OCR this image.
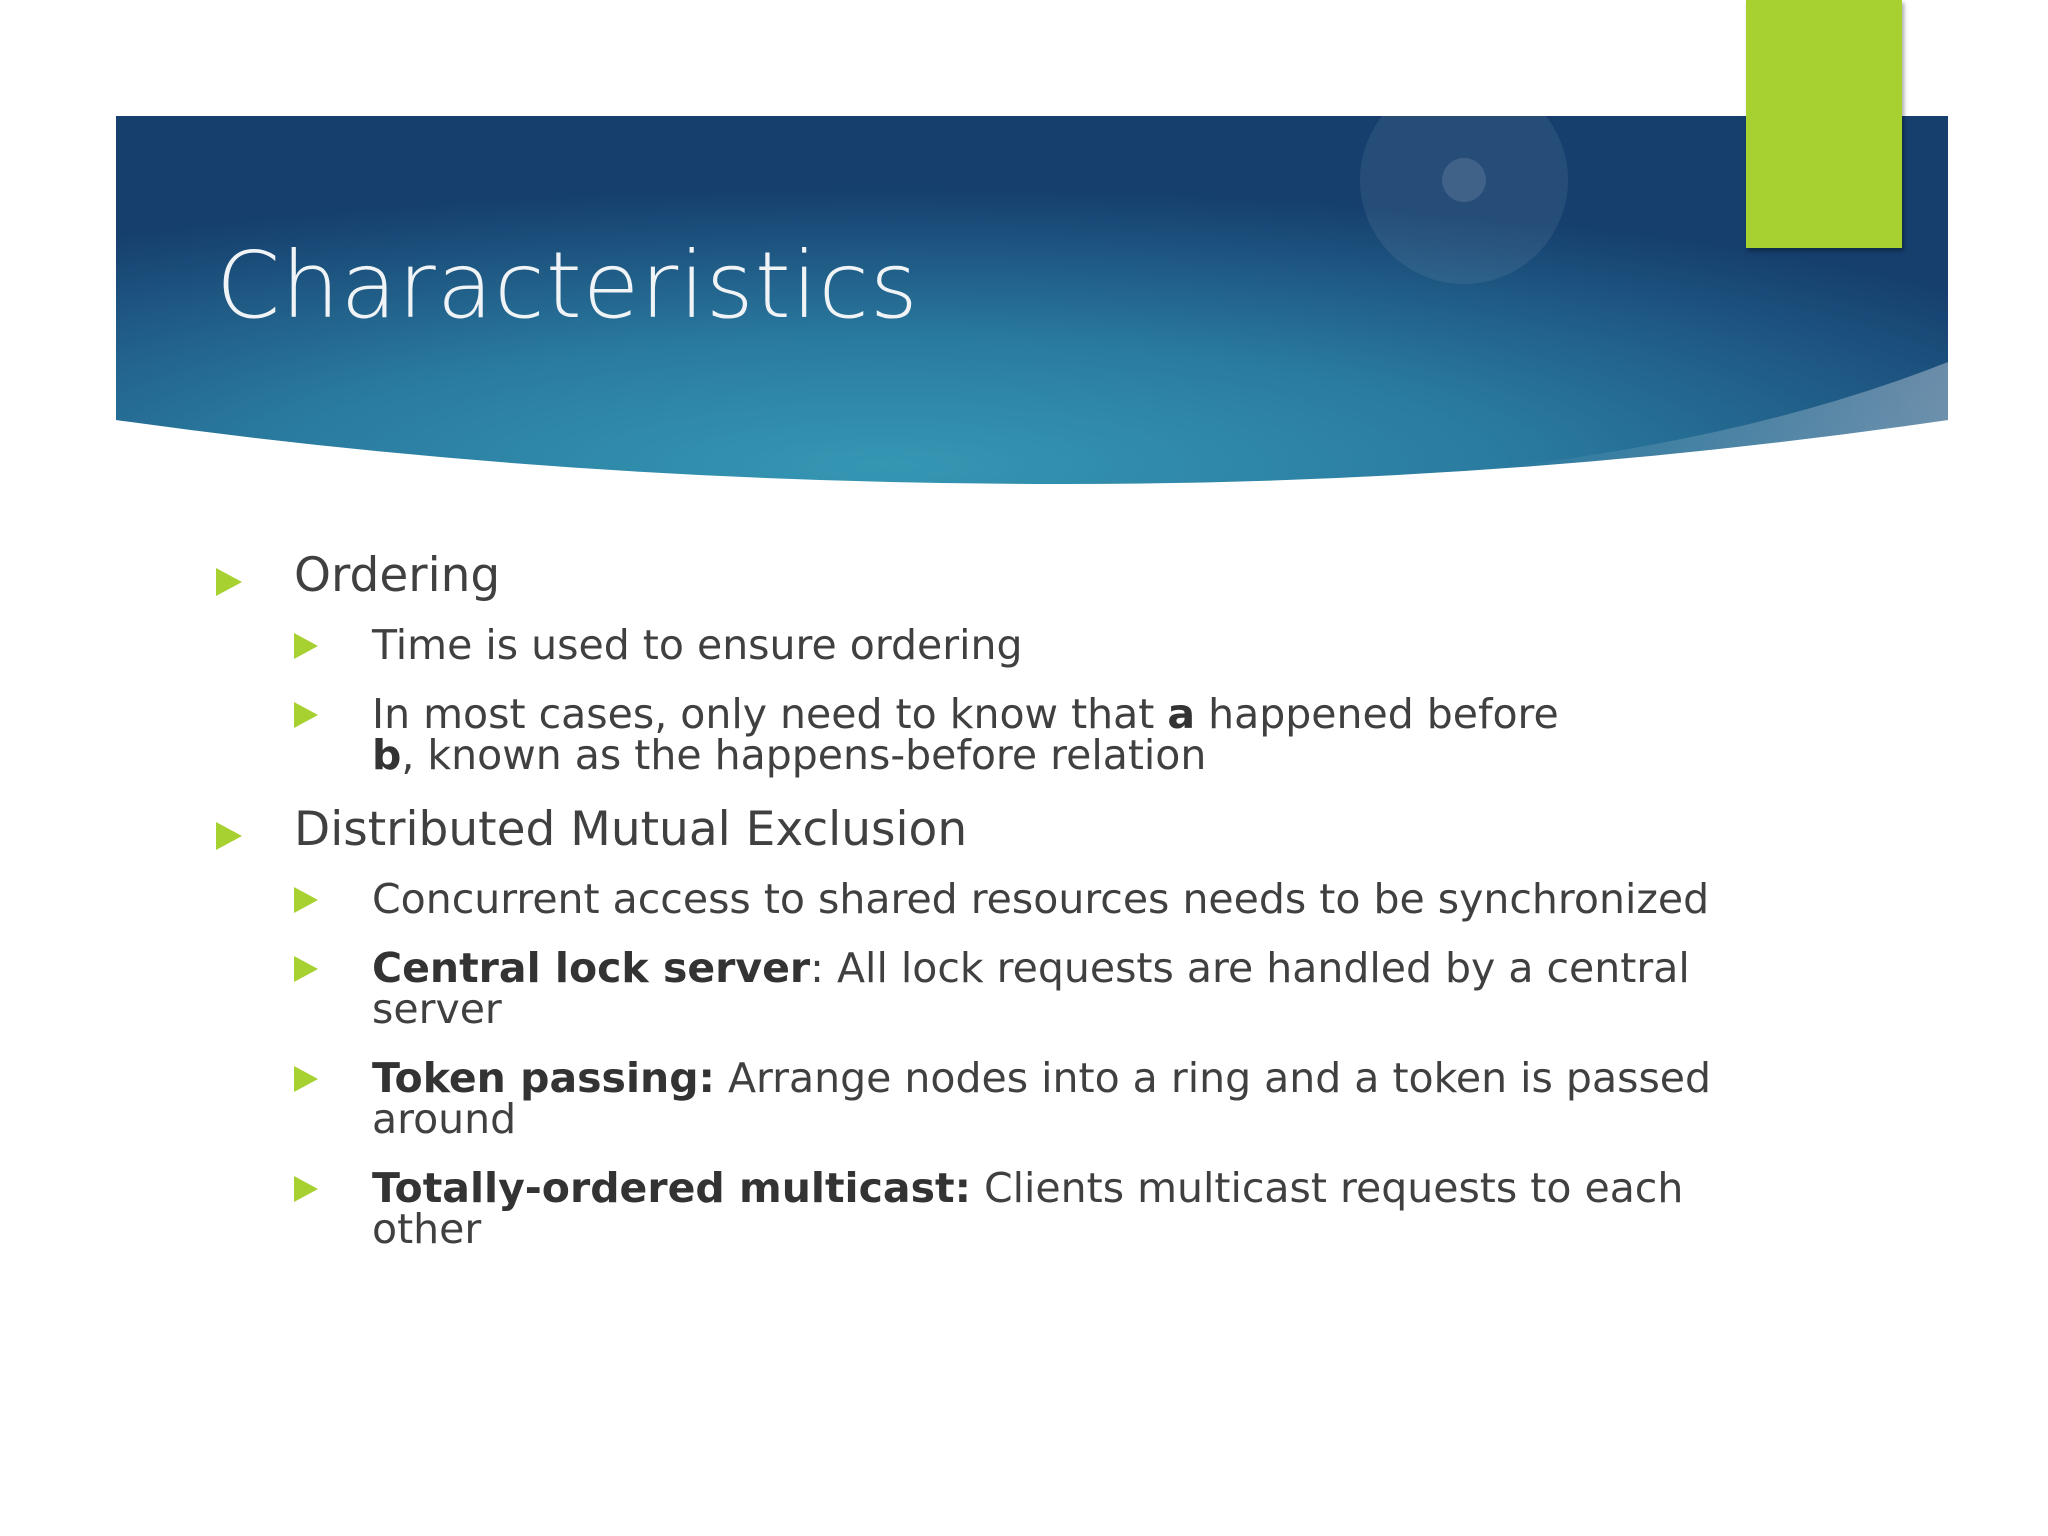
Characteristics
Ordering
Time is used to ensure ordering
In most cases, only need to know that a happened before
b, known as the happens-before relation
Distributed Mutual Exclusion
Concurrent access to shared resources needs to be synchronized
Central lock server: All lock requests are handled by a central server
Token passing: Arrange nodes into a ring and a token is passed around
Totally-ordered multicast: Clients multicast requests to each other
